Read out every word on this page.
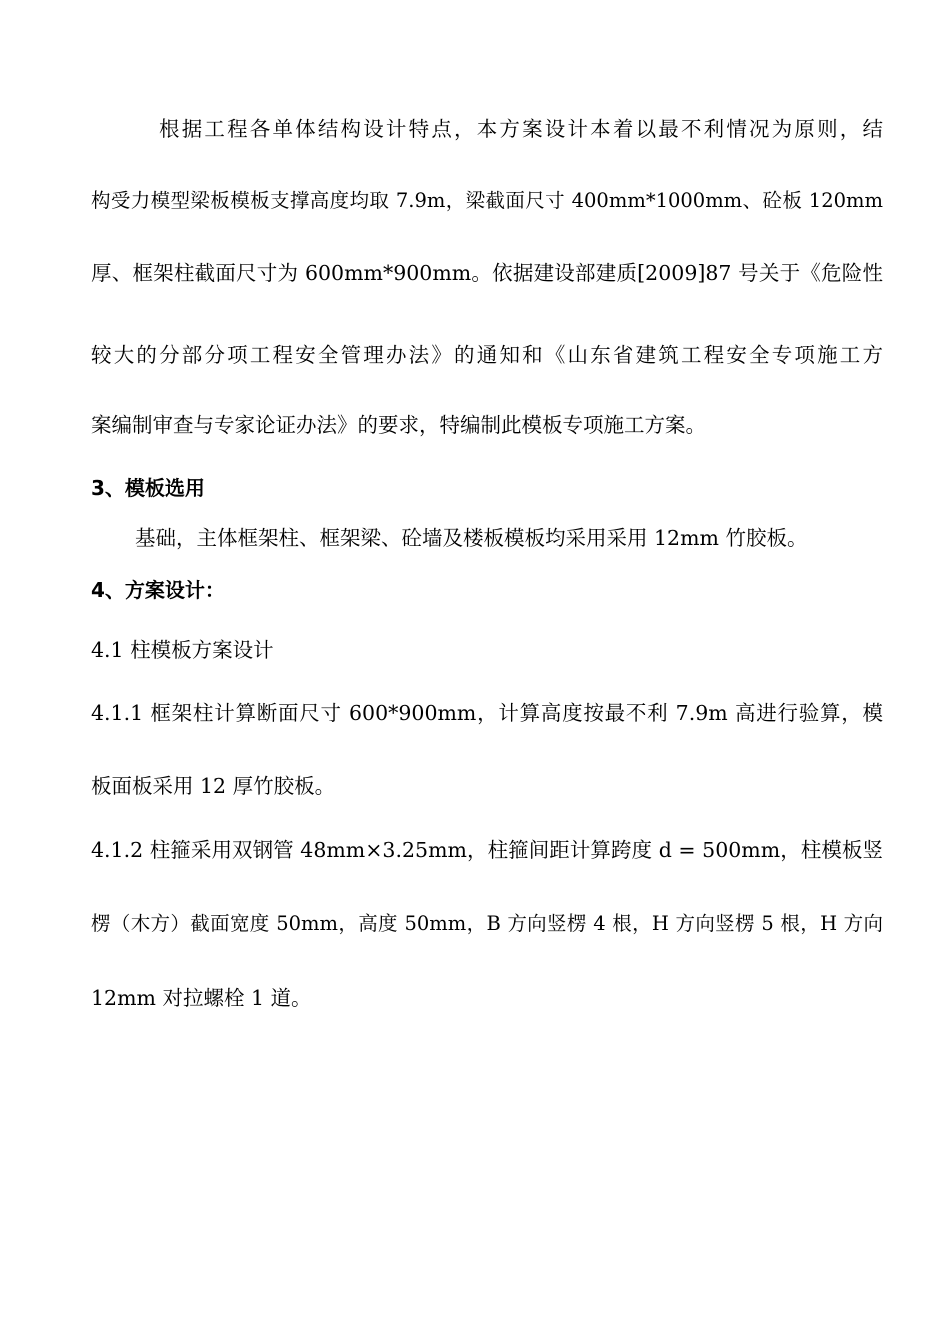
根据工程各单体结构设计特点，本方案设计本着以最不利情况为原则，结
构受力模型梁板模板支撑高度均取 7.9m，梁截面尺寸 400mm*1000mm、砼板 120mm
厚、框架柱截面尺寸为 600mm*900mm。依据建设部建质[2009]87 号关于《危险性
较大的分部分项工程安全管理办法》的通知和《山东省建筑工程安全专项施工方
案编制审查与专家论证办法》的要求，特编制此模板专项施工方案。
3、模板选用
基础，主体框架柱、框架梁、砼墙及楼板模板均采用采用 12mm 竹胶板。
4、方案设计：
4.1 柱模板方案设计
4.1.1 框架柱计算断面尺寸 600*900mm，计算高度按最不利 7.9m 高进行验算，模
板面板采用 12 厚竹胶板。
4.1.2 柱箍采用双钢管 48mm×3.25mm，柱箍间距计算跨度 d = 500mm，柱模板竖
楞（木方）截面宽度 50mm，高度 50mm，B 方向竖楞 4 根，H 方向竖楞 5 根，H 方向
12mm 对拉螺栓 1 道。
